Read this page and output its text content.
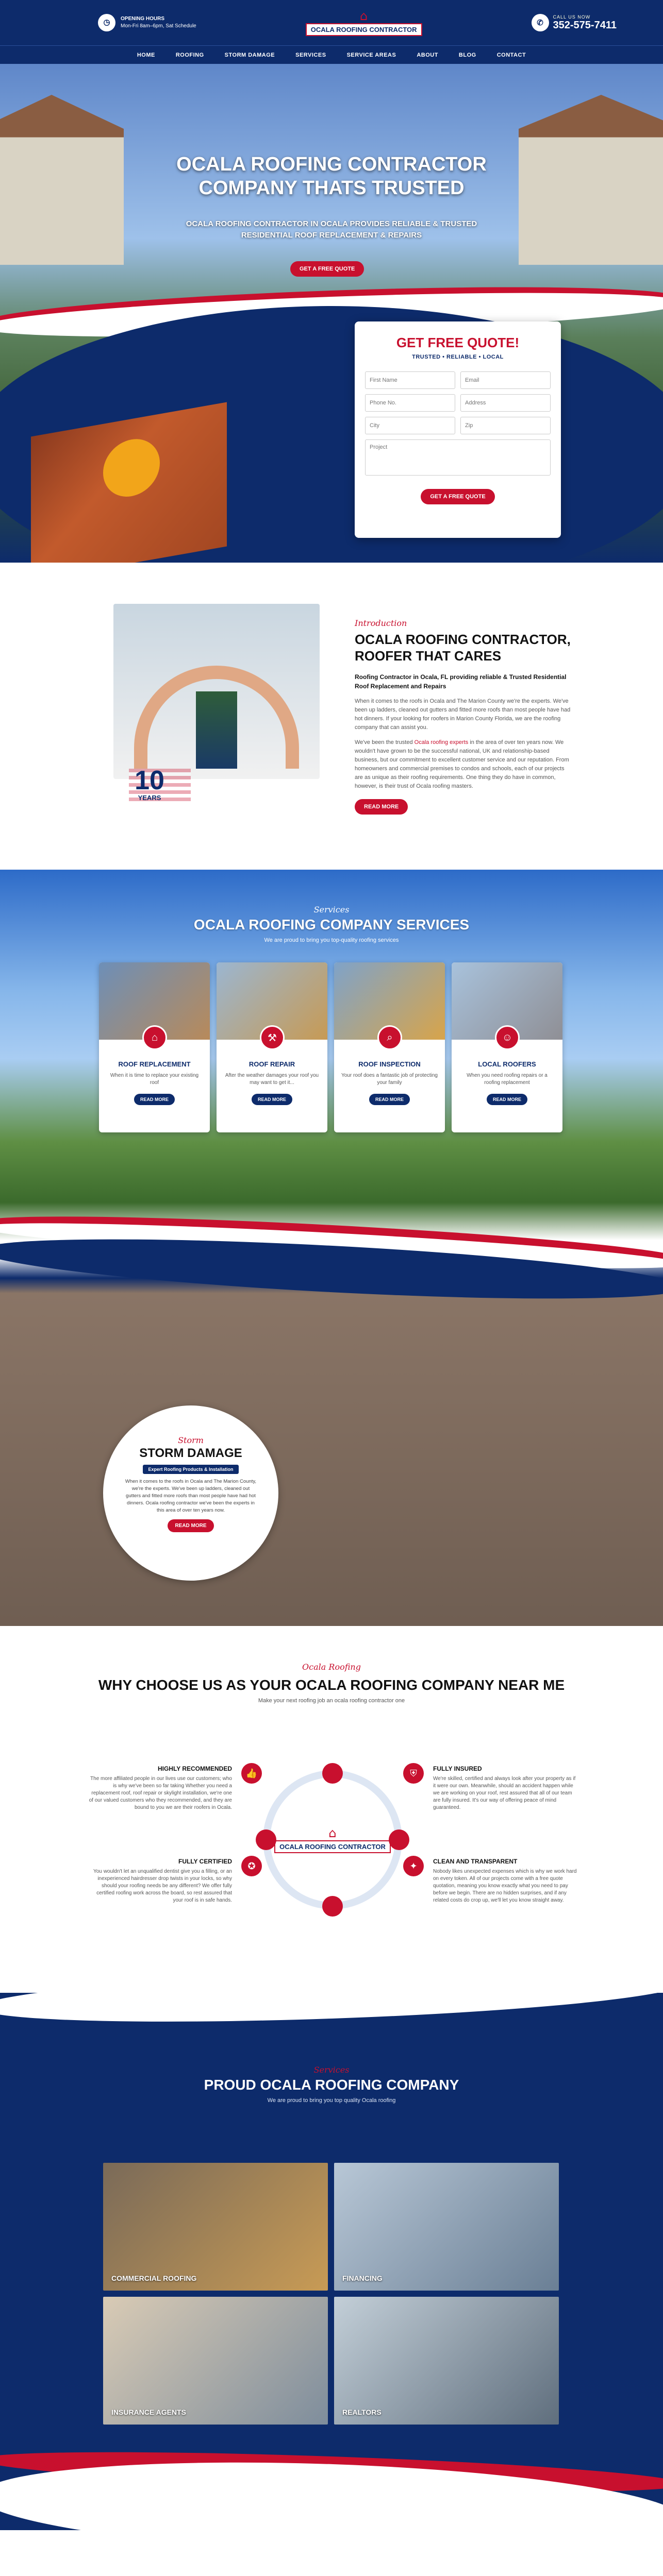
◷	OPENING HOURS
Mon-Fri 8am–6pm, Sat Schedule
⌂
OCALA ROOFING CONTRACTOR
✆
CALL US NOW
352-575-7411
HOME	ROOFING	STORM DAMAGE	SERVICES	SERVICE AREAS	ABOUT	BLOG	CONTACT
OCALA ROOFING CONTRACTOR
COMPANY THATS TRUSTED
OCALA ROOFING CONTRACTOR IN OCALA PROVIDES RELIABLE & TRUSTED RESIDENTIAL ROOF REPLACEMENT & REPAIRS
GET A FREE QUOTE
GET FREE QUOTE!
TRUSTED • RELIABLE • LOCAL
First Name
Email
Phone No.
Address
City
Zip
Project
GET A FREE QUOTE
10
YEARS
Introduction
OCALA ROOFING CONTRACTOR, ROOFER THAT CARES
Roofing Contractor in Ocala, FL providing reliable & Trusted Residential Roof Replacement and Repairs

When it comes to the roofs in Ocala and The Marion County we're the experts. We've been up ladders, cleaned out gutters and fitted more roofs than most people have had hot dinners. If your looking for roofers in Marion County Florida, we are the roofing company that can assist you.

We've been the trusted Ocala roofing experts in the area of over ten years now. We wouldn't have grown to be the successful national, UK and relationship-based business, but our commitment to excellent customer service and our reputation. From homeowners and commercial premises to condos and schools, each of our projects are as unique as their roofing requirements. One thing they do have in common, however, is their trust of Ocala roofing masters.

READ MORE
Services
OCALA ROOFING COMPANY SERVICES
We are proud to bring you top-quality roofing services
⌂
ROOF REPLACEMENT

When it is time to replace your existing roof

READ MORE
⚒
ROOF REPAIR

After the weather damages your roof you may want to get it...

READ MORE
⌕
ROOF INSPECTION

Your roof does a fantastic job of protecting your family

READ MORE
☺
LOCAL ROOFERS

When you need roofing repairs or a roofing replacement

READ MORE
Storm
STORM DAMAGE
Expert Roofing Products & Installation

When it comes to the roofs in Ocala and The Marion County, we're the experts. We've been up ladders, cleaned out gutters and fitted more roofs than most people have had hot dinners. Ocala roofing contractor we've been the experts in this area of over ten years now.

READ MORE
Ocala Roofing
WHY CHOOSE US AS YOUR OCALA ROOFING COMPANY NEAR ME
Make your next roofing job an ocala roofing contractor one
👍
HIGHLY RECOMMENDED
The more affiliated people in our lives use our customers; who is why we've been so far taking Whether you need a replacement roof, roof repair or skylight installation, we're one of our valued customers who they recommended, and they are bound to you we are their roofers in Ocala.
⛨	FULLY INSURED
We're skilled, certified and always look after your property as if it were our own. Meanwhile, should an accident happen while we are working on your roof, rest assured that all of our team are fully insured. It's our way of offering peace of mind guaranteed.
✪
FULLY CERTIFIED
You wouldn't let an unqualified dentist give you a filling, or an inexperienced hairdresser drop twists in your locks, so why should your roofing needs be any different? We offer fully certified roofing work across the board, so rest assured that your roof is in safe hands.
✦	CLEAN AND TRANSPARENT
Nobody likes unexpected expenses which is why we work hard on every token. All of our projects come with a free quote quotation, meaning you know exactly what you need to pay before we begin. There are no hidden surprises, and if any related costs do crop up, we'll let you know straight away.
⌂
OCALA ROOFING CONTRACTOR
Services
PROUD OCALA ROOFING COMPANY
We are proud to bring you top quality Ocala roofing
COMMERCIAL ROOFING	FINANCING
INSURANCE AGENTS	REALTORS
